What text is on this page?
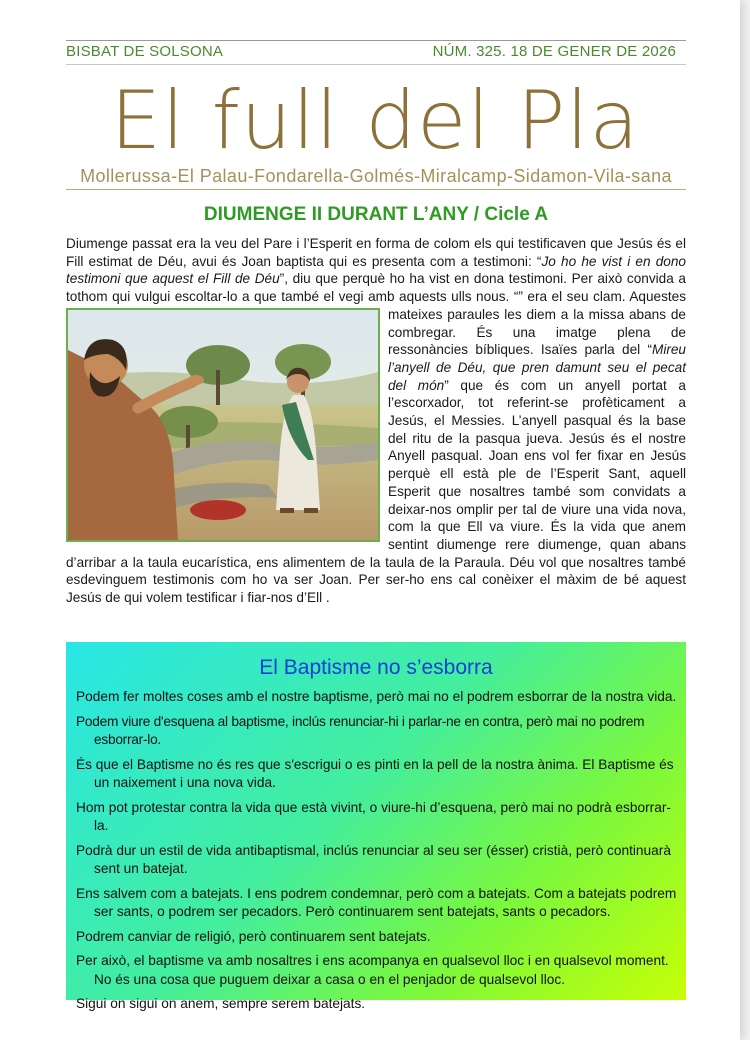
BISBAT DE SOLSONA	NÚM. 325. 18 DE GENER DE 2026
El full del Pla
Mollerussa-El Palau-Fondarella-Golmés-Miralcamp-Sidamon-Vila-sana
DIUMENGE II DURANT L’ANY / Cicle A
Diumenge passat era la veu del Pare i l’Esperit en forma de colom els qui testificaven que Jesús és el Fill estimat de Déu, avui és Joan baptista qui es presenta com a testimoni: “Jo ho he vist i en dono testimoni que aquest el Fill de Déu”, diu que perquè ho ha vist en dona testimoni. Per això convida a tothom qui vulgui escoltar-lo a que també el vegi amb aquests ulls nous. “
” era el seu clam. Aquestes mateixes paraules les diem a la missa abans de combregar. És una imatge plena de ressonàncies bíbliques. Isaïes parla del “Mireu l’anyell de Déu, que pren damunt seu el pecat del món” que és com un anyell portat a l’escorxador, tot referint-se profèticament a Jesús, el Messies. L’anyell pasqual és la base del ritu de la pasqua jueva. Jesús és el nostre Anyell pasqual. Joan ens vol fer fixar en Jesús perquè ell està ple de l’Esperit Sant, aquell Esperit que nosaltres també som convidats a deixar-nos omplir per tal de viure una vida nova, com la que Ell va viure. És la vida que anem sentint diumenge rere diumenge, quan abans d’arribar a la taula eucarística, ens alimentem de la taula de la Paraula. Déu vol que nosaltres també esdevinguem testimonis com ho va ser Joan. Per ser-ho ens cal conèixer el màxim de bé aquest Jesús de qui volem testificar i fiar-nos d’Ell .
El Baptisme no s’esborra
Podem fer moltes coses amb el nostre baptisme, però mai no el podrem esborrar de la nostra vida.
Podem viure d'esquena al baptisme, inclús renunciar-hi i parlar-ne en contra, però mai no podrem esborrar-lo.
És que el Baptisme no és res que s'escrigui o es pinti en la pell de la nostra ànima. El Baptisme és un naixement i una nova vida.
Hom pot protestar contra la vida que està vivint, o viure-hi d’esquena, però mai no podrà esborrar-la.
Podrà dur un estil de vida antibaptismal, inclús renunciar al seu ser (ésser) cristià, però continuarà sent un batejat.
Ens salvem com a batejats. I ens podrem condemnar, però com a batejats. Com a batejats podrem ser sants, o podrem ser pecadors. Però continuarem sent batejats, sants o pecadors.
Podrem canviar de religió, però continuarem sent batejats.
Per això, el baptisme va amb nosaltres i ens acompanya en qualsevol lloc i en qualsevol moment. No és una cosa que puguem deixar a casa o en el penjador de qualsevol lloc.
Sigui on sigui on anem, sempre serem batejats.
